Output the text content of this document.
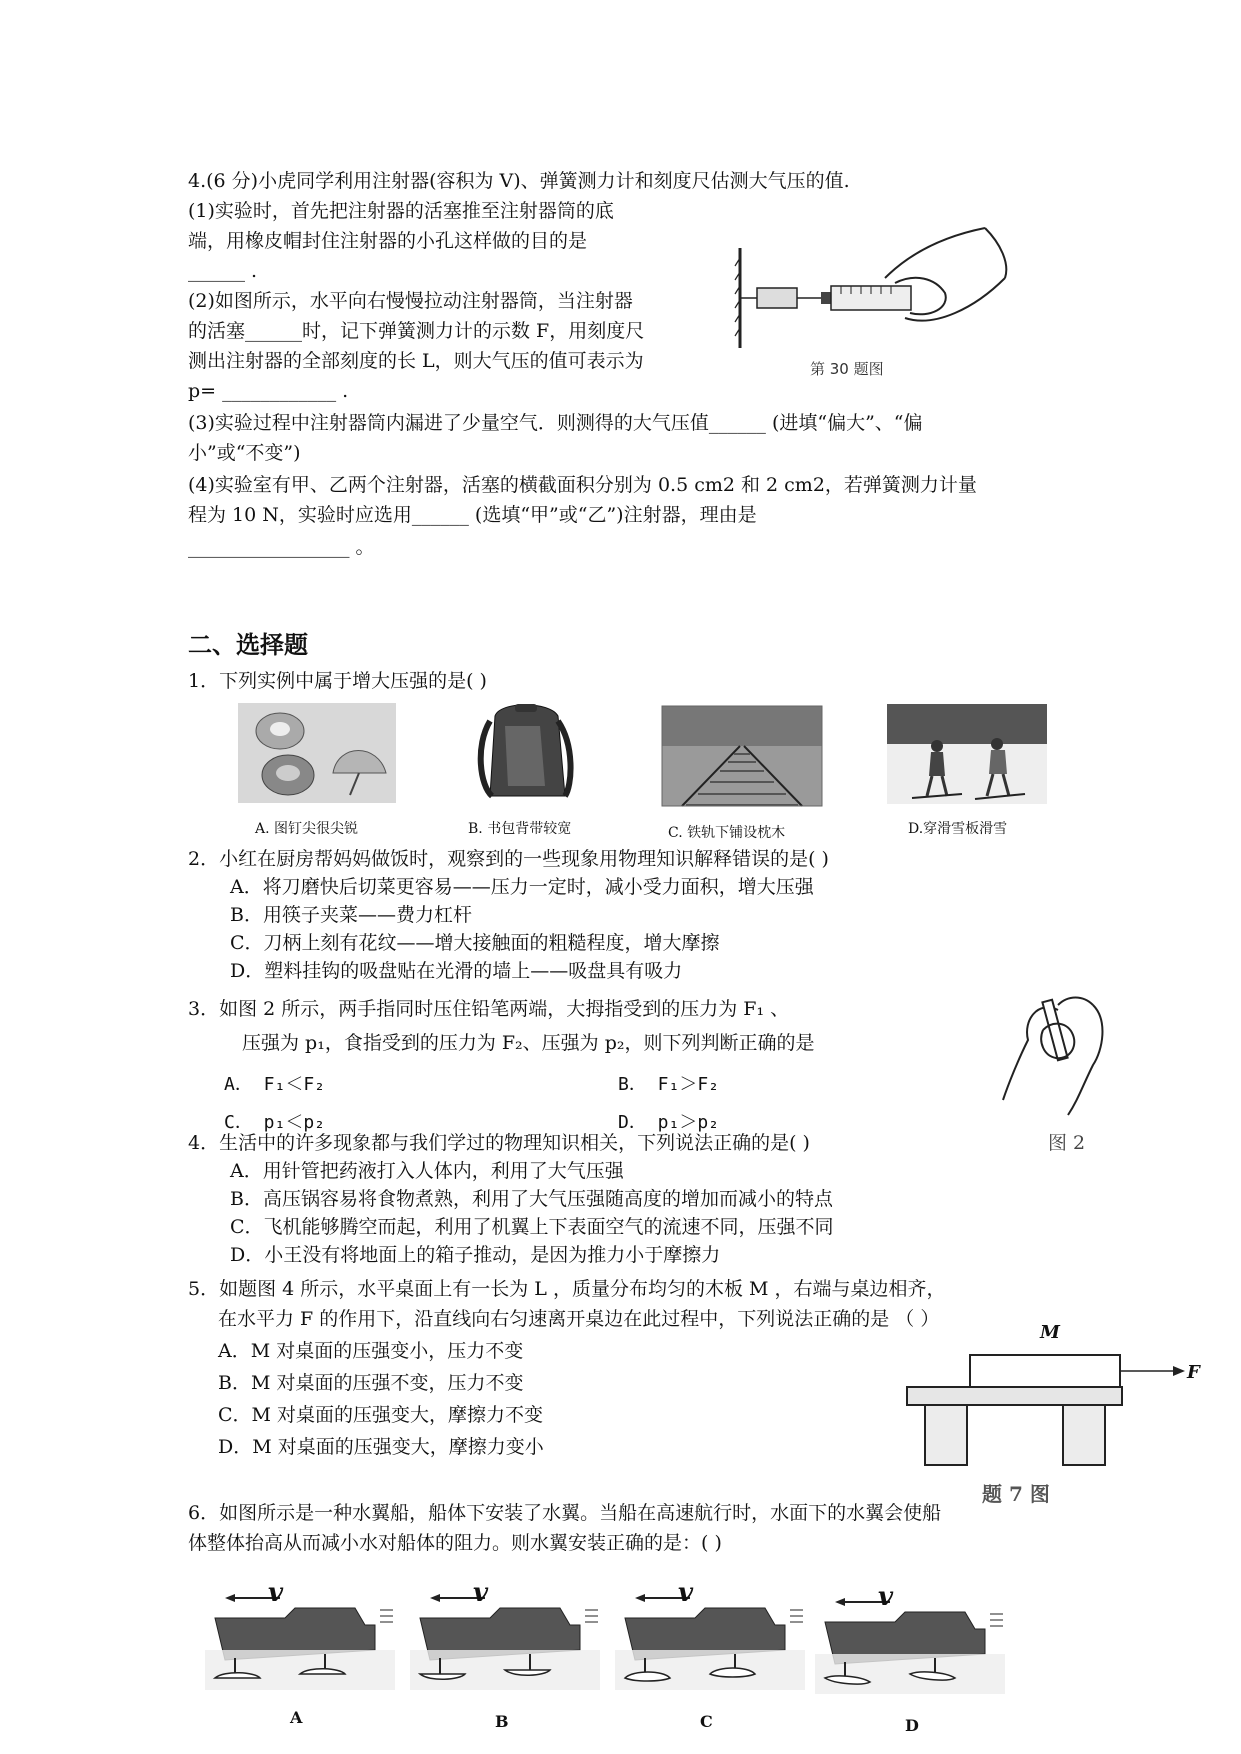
4.(6 分)小虎同学利用注射器(容积为 V)、弹簧测力计和刻度尺估测大气压的值.
(1)实验时，首先把注射器的活塞推至注射器筒的底
端，用橡皮帽封住注射器的小孔这样做的目的是
______ .
(2)如图所示，水平向右慢慢拉动注射器筒，当注射器
的活塞______时，记下弹簧测力计的示数 F，用刻度尺
测出注射器的全部刻度的长 L，则大气压的值可表示为
p= ____________ .
(3)实验过程中注射器筒内漏进了少量空气．则测得的大气压值______ (进填“偏大”、“偏
小”或“不变”)
(4)实验室有甲、乙两个注射器，活塞的横截面积分别为 0.5 cm2 和 2 cm2，若弹簧测力计量
程为 10 N，实验时应选用______ (选填“甲”或“乙”)注射器，理由是
_________________ 。
第 30 题图
二、选择题
1．下列实例中属于增大压强的是( )
A. 图钉尖很尖锐	B. 书包背带较宽	C. 铁轨下铺设枕木	D.穿滑雪板滑雪
2．小红在厨房帮妈妈做饭时，观察到的一些现象用物理知识解释错误的是( )
A．将刀磨快后切菜更容易——压力一定时，减小受力面积，增大压强
B．用筷子夹菜——费力杠杆
C．刀柄上刻有花纹——增大接触面的粗糙程度，增大摩擦
D．塑料挂钩的吸盘贴在光滑的墙上——吸盘具有吸力
3．如图 2 所示，两手指同时压住铅笔两端，大拇指受到的压力为 F₁ 、
压强为 p₁，食指受到的压力为 F₂、压强为 p₂，则下列判断正确的是
A． F₁＜F₂	B． F₁＞F₂
C． p₁＜p₂	D． p₁＞p₂
图 2
4．生活中的许多现象都与我们学过的物理知识相关，下列说法正确的是( )
A．用针管把药液打入人体内，利用了大气压强
B．高压锅容易将食物煮熟，利用了大气压强随高度的增加而减小的特点
C．飞机能够腾空而起，利用了机翼上下表面空气的流速不同，压强不同
D．小王没有将地面上的箱子推动，是因为推力小于摩擦力
5．如题图 4 所示，水平桌面上有一长为 L ，质量分布均匀的木板 M ，右端与桌边相齐，
在水平力 F 的作用下，沿直线向右匀速离开桌边在此过程中，下列说法正确的是 （ ）
A．M 对桌面的压强变小，压力不变
B．M 对桌面的压强不变，压力不变
C．M 对桌面的压强变大，摩擦力不变
D．M 对桌面的压强变大，摩擦力变小
M
F
题 7 图
6．如图所示是一种水翼船，船体下安装了水翼。当船在高速航行时，水面下的水翼会使船
体整体抬高从而减小水对船体的阻力。则水翼安装正确的是：( )
v	v	v	v
A	B	C	D
